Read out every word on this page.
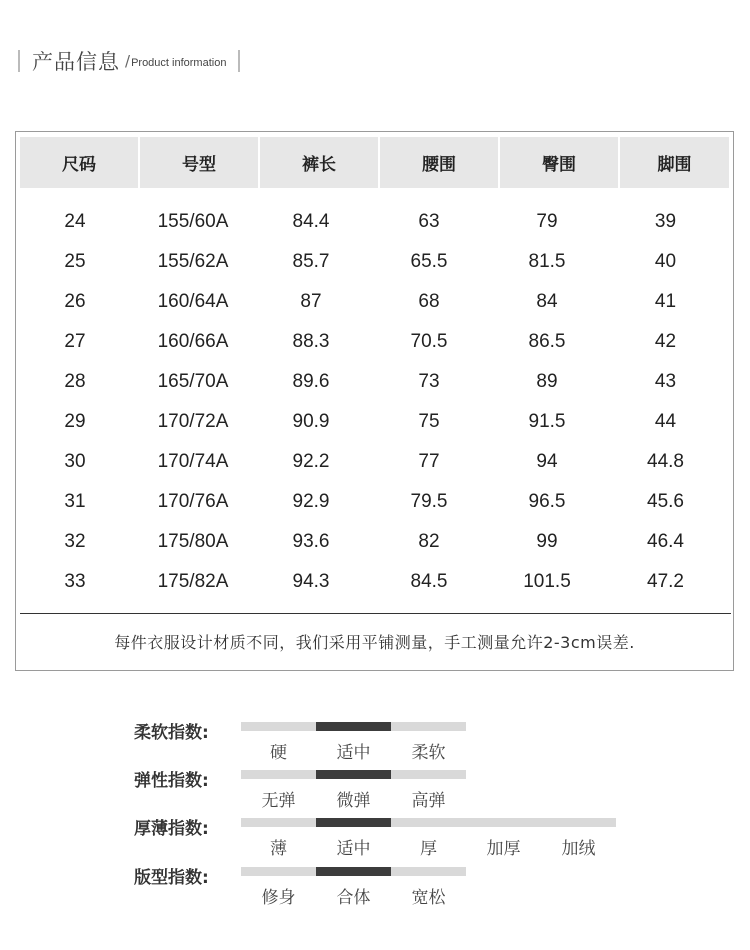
产品信息 / Product information
尺码	号型	裤长	腰围	臀围	脚围
24	155/60A	84.4	63	79	39
25	155/62A	85.7	65.5	81.5	40
26	160/64A	87	68	84	41
27	160/66A	88.3	70.5	86.5	42
28	165/70A	89.6	73	89	43
29	170/72A	90.9	75	91.5	44
30	170/74A	92.2	77	94	44.8
31	170/76A	92.9	79.5	96.5	45.6
32	175/80A	93.6	82	99	46.4
33	175/82A	94.3	84.5	101.5	47.2
每件衣服设计材质不同，我们采用平铺测量，手工测量允许2-3cm误差.
柔软指数:
硬	适中	柔软
弹性指数:
无弹	微弹	高弹
厚薄指数:
薄	适中	厚	加厚	加绒
版型指数:
修身	合体	宽松
